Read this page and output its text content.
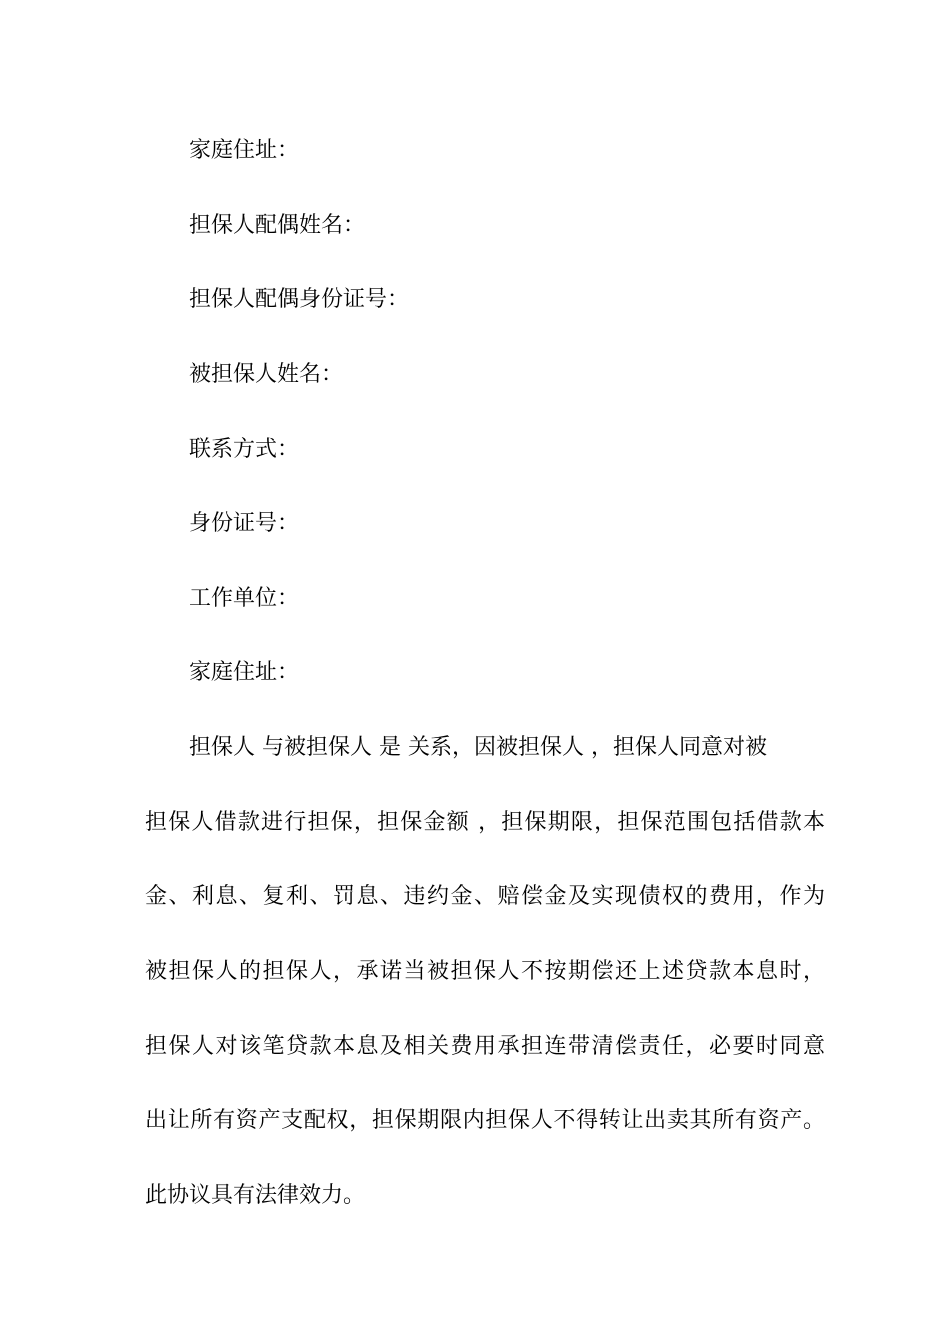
家庭住址：
担保人配偶姓名：
担保人配偶身份证号：
被担保人姓名：
联系方式：
身份证号：
工作单位：
家庭住址：
担保人 与被担保人 是 关系，因被担保人 ，担保人同意对被
担保人借款进行担保，担保金额 ，担保期限，担保范围包括借款本
金、利息、复利、罚息、违约金、赔偿金及实现债权的费用，作为
被担保人的担保人，承诺当被担保人不按期偿还上述贷款本息时，
担保人对该笔贷款本息及相关费用承担连带清偿责任，必要时同意
出让所有资产支配权，担保期限内担保人不得转让出卖其所有资产。
此协议具有法律效力。
